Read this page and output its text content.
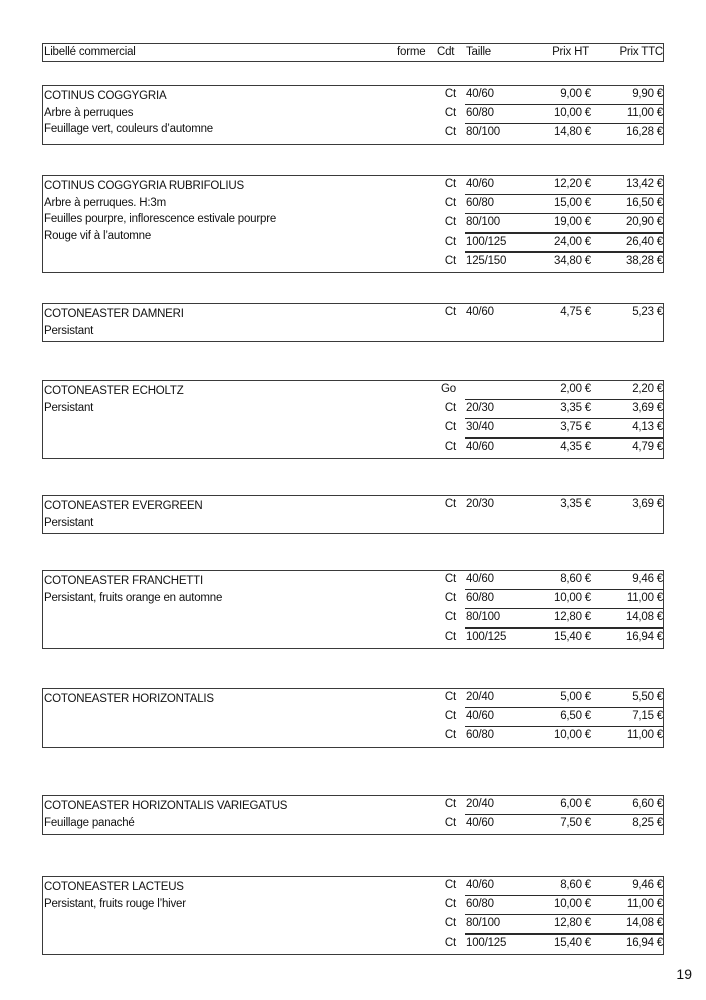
Libellé commercial	forme Cdt Taille	Prix HT	Prix TTC
COTINUS COGGYGRIA
Arbre à perruques
Feuillage vert, couleurs d’automne
Ct 40/60	9,00 €	9,90 €
Ct 60/80	10,00 €	11,00 €
Ct 80/100	14,80 €	16,28 €
COTINUS COGGYGRIA RUBRIFOLIUS
Arbre à perruques. H:3m
Feuilles pourpre, inflorescence estivale pourpre
Rouge vif à l’automne
Ct 40/60	12,20 €	13,42 €
Ct 60/80	15,00 €	16,50 €
Ct 80/100	19,00 €	20,90 €
Ct 100/125	24,00 €	26,40 €
Ct 125/150	34,80 €	38,28 €
COTONEASTER DAMNERI
Persistant
Ct 40/60	4,75 €	5,23 €
COTONEASTER ECHOLTZ
Persistant
Go	2,00 €	2,20 €
Ct 20/30	3,35 €	3,69 €
Ct 30/40	3,75 €	4,13 €
Ct 40/60	4,35 €	4,79 €
COTONEASTER EVERGREEN
Persistant
Ct 20/30	3,35 €	3,69 €
COTONEASTER FRANCHETTI
Persistant, fruits orange en automne
Ct 40/60	8,60 €	9,46 €
Ct 60/80	10,00 €	11,00 €
Ct 80/100	12,80 €	14,08 €
Ct 100/125	15,40 €	16,94 €
COTONEASTER HORIZONTALIS	Ct 20/40	5,00 €	5,50 €
Ct 40/60	6,50 €	7,15 €
Ct 60/80	10,00 €	11,00 €
COTONEASTER HORIZONTALIS VARIEGATUS
Feuillage panaché
Ct 20/40	6,00 €	6,60 €
Ct 40/60	7,50 €	8,25 €
COTONEASTER LACTEUS
Persistant, fruits rouge l’hiver
Ct 40/60	8,60 €	9,46 €
Ct 60/80	10,00 €	11,00 €
Ct 80/100	12,80 €	14,08 €
Ct 100/125	15,40 €	16,94 €
19
